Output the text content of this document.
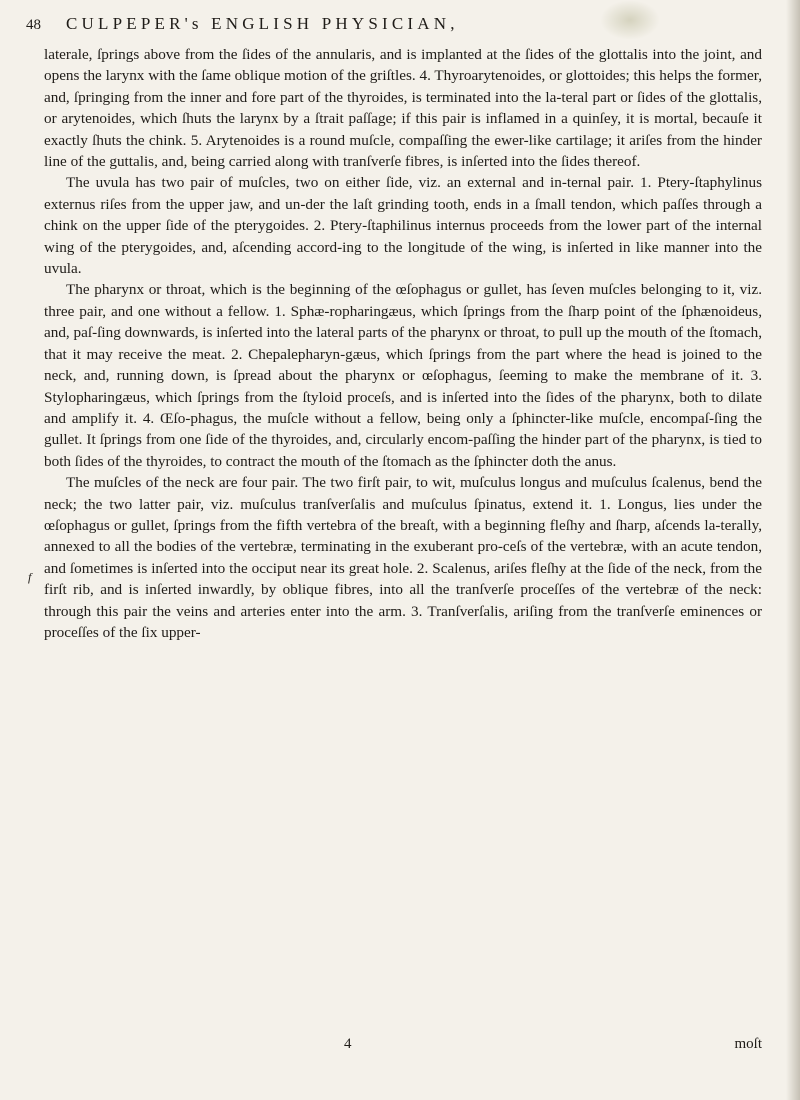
48	CULPEPER's ENGLISH PHYSICIAN,
f

laterale, ſprings above from the ſides of the annularis, and is implanted at the ſides of the glottalis into the joint, and opens the larynx with the ſame oblique motion of the griſtles. 4. Thyroarytenoides, or glottoides; this helps the former, and, ſpringing from the inner and fore part of the thyroides, is terminated into the la-teral part or ſides of the glottalis, or arytenoides, which ſhuts the larynx by a ſtrait paſſage; if this pair is inflamed in a quinſey, it is mortal, becauſe it exactly ſhuts the chink. 5. Arytenoides is a round muſcle, compaſſing the ewer-like cartilage; it ariſes from the hinder line of the guttalis, and, being carried along with tranſverſe fibres, is inſerted into the ſides thereof.

The uvula has two pair of muſcles, two on either ſide, viz. an external and in-ternal pair. 1. Ptery-ſtaphylinus externus riſes from the upper jaw, and un-der the laſt grinding tooth, ends in a ſmall tendon, which paſſes through a chink on the upper ſide of the pterygoides. 2. Ptery-ſtaphilinus internus proceeds from the lower part of the internal wing of the pterygoides, and, aſcending accord-ing to the longitude of the wing, is inſerted in like manner into the uvula.

The pharynx or throat, which is the beginning of the œſophagus or gullet, has ſeven muſcles belonging to it, viz. three pair, and one without a fellow. 1. Sphæ-ropharingæus, which ſprings from the ſharp point of the ſphænoideus, and, paſ-ſing downwards, is inſerted into the lateral parts of the pharynx or throat, to pull up the mouth of the ſtomach, that it may receive the meat. 2. Chepalepharyn-gæus, which ſprings from the part where the head is joined to the neck, and, running down, is ſpread about the pharynx or œſophagus, ſeeming to make the membrane of it. 3. Stylopharingæus, which ſprings from the ſtyloid proceſs, and is inſerted into the ſides of the pharynx, both to dilate and amplify it. 4. Œſo-phagus, the muſcle without a fellow, being only a ſphincter-like muſcle, encompaſ-ſing the gullet. It ſprings from one ſide of the thyroides, and, circularly encom-paſſing the hinder part of the pharynx, is tied to both ſides of the thyroides, to contract the mouth of the ſtomach as the ſphincter doth the anus.

The muſcles of the neck are four pair. The two firſt pair, to wit, muſculus longus and muſculus ſcalenus, bend the neck; the two latter pair, viz. muſculus tranſverſalis and muſculus ſpinatus, extend it. 1. Longus, lies under the œſophagus or gullet, ſprings from the fifth vertebra of the breaſt, with a beginning fleſhy and ſharp, aſcends la-terally, annexed to all the bodies of the vertebræ, terminating in the exuberant pro-ceſs of the vertebræ, with an acute tendon, and ſometimes is inſerted into the occiput near its great hole. 2. Scalenus, ariſes fleſhy at the ſide of the neck, from the firſt rib, and is inſerted inwardly, by oblique fibres, into all the tranſverſe proceſſes of the vertebræ of the neck: through this pair the veins and arteries enter into the arm. 3. Tranſverſalis, ariſing from the tranſverſe eminences or proceſſes of the ſix upper-

4	moſt
